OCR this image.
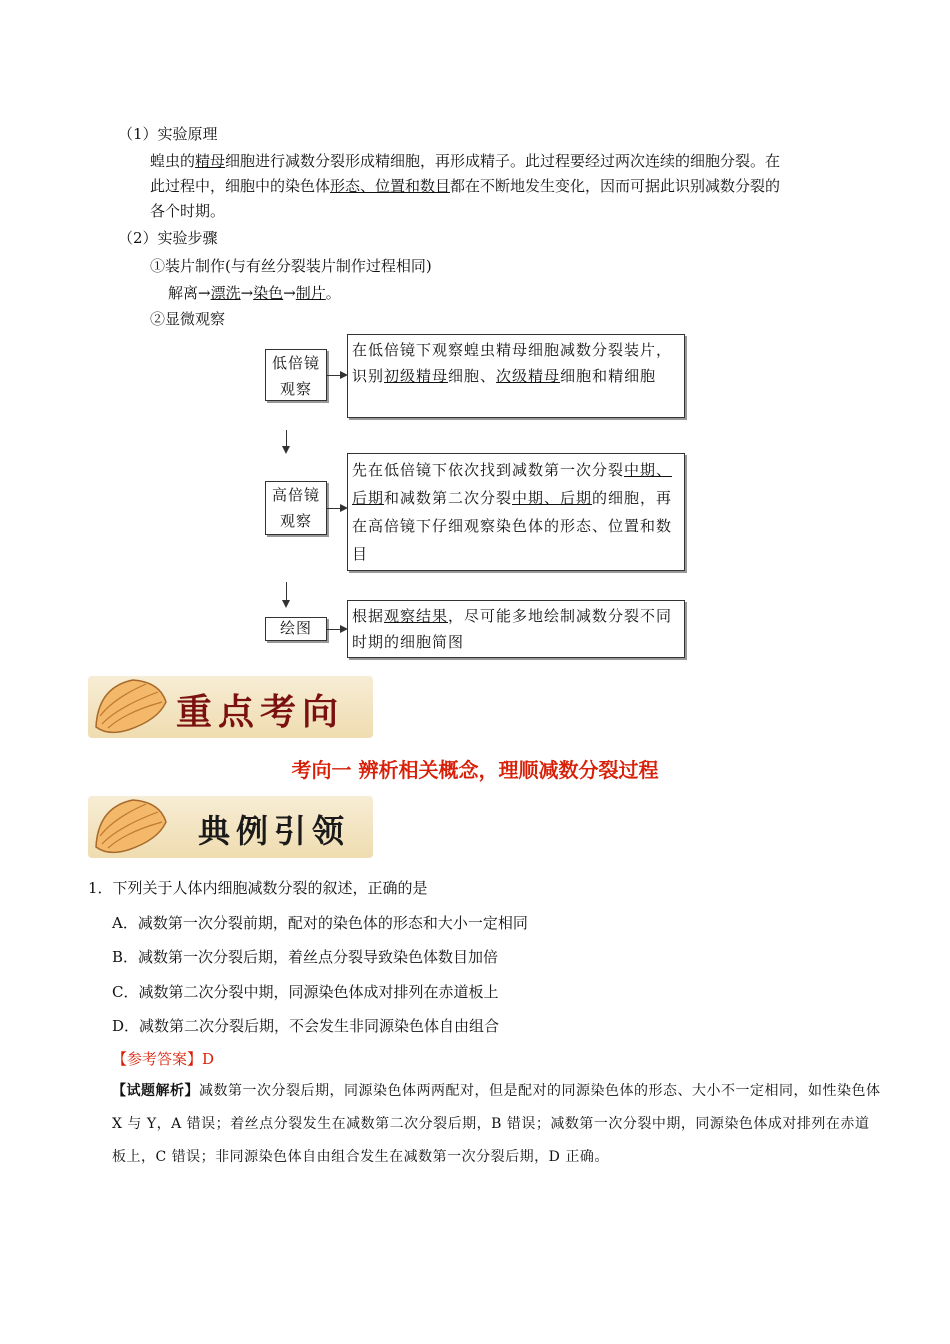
（1）实验原理
蝗虫的精母细胞进行减数分裂形成精细胞，再形成精子。此过程要经过两次连续的细胞分裂。在
此过程中，细胞中的染色体形态、位置和数目都在不断地发生变化，因而可据此识别减数分裂的
各个时期。
（2）实验步骤
①装片制作(与有丝分裂装片制作过程相同)
解离→漂洗→染色→制片。
②显微观察
低倍镜观察
在低倍镜下观察蝗虫精母细胞减数分裂装片，识别初级精母细胞、次级精母细胞和精细胞
高倍镜观察
先在低倍镜下依次找到减数第一次分裂中期、后期和减数第二次分裂中期、后期的细胞，再在高倍镜下仔细观察染色体的形态、位置和数目
绘图
根据观察结果，尽可能多地绘制减数分裂不同时期的细胞简图
重点考向
考向一 辨析相关概念，理顺减数分裂过程
典例引领
1．下列关于人体内细胞减数分裂的叙述，正确的是
A．减数第一次分裂前期，配对的染色体的形态和大小一定相同
B．减数第一次分裂后期，着丝点分裂导致染色体数目加倍
C．减数第二次分裂中期，同源染色体成对排列在赤道板上
D．减数第二次分裂后期，不会发生非同源染色体自由组合
【参考答案】D
【试题解析】减数第一次分裂后期，同源染色体两两配对，但是配对的同源染色体的形态、大小不一定相同，如性染色体 X 与 Y，A 错误；着丝点分裂发生在减数第二次分裂后期，B 错误；减数第一次分裂中期，同源染色体成对排列在赤道板上，C 错误；非同源染色体自由组合发生在减数第一次分裂后期，D 正确。
